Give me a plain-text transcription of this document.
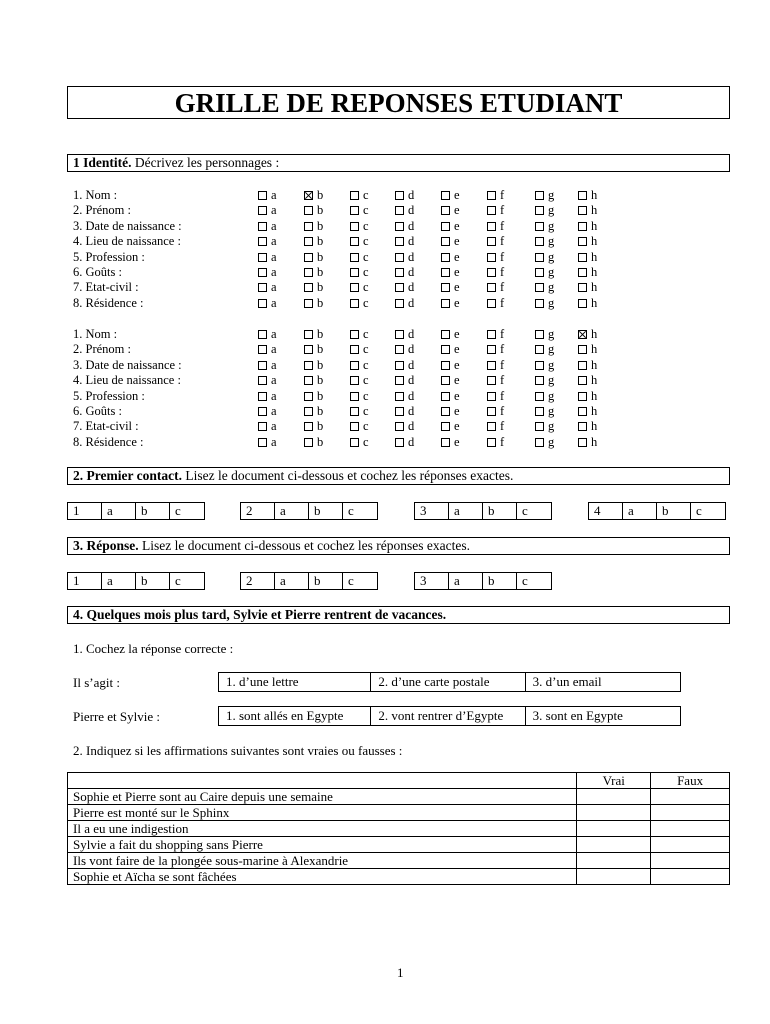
GRILLE DE REPONSES ETUDIANT
1 Identité. Décrivez les personnages :
1. Nom :	a	b	c	d	e	f	g	h
2. Prénom :	a	b	c	d	e	f	g	h
3. Date de naissance :	a	b	c	d	e	f	g	h
4. Lieu de naissance :	a	b	c	d	e	f	g	h
5. Profession :	a	b	c	d	e	f	g	h
6. Goûts :	a	b	c	d	e	f	g	h
7. Etat-civil :	a	b	c	d	e	f	g	h
8. Résidence :	a	b	c	d	e	f	g	h
1. Nom :	a	b	c	d	e	f	g	h
2. Prénom :	a	b	c	d	e	f	g	h
3. Date de naissance :	a	b	c	d	e	f	g	h
4. Lieu de naissance :	a	b	c	d	e	f	g	h
5. Profession :	a	b	c	d	e	f	g	h
6. Goûts :	a	b	c	d	e	f	g	h
7. Etat-civil :	a	b	c	d	e	f	g	h
8. Résidence :	a	b	c	d	e	f	g	h
2. Premier contact. Lisez le document ci-dessous et cochez les réponses exactes.
1	a	b	c	2	a	b	c	3	a	b	c	4	a	b	c
3. Réponse. Lisez le document ci-dessous et cochez les réponses exactes.
1	a	b	c	2	a	b	c	3	a	b	c
4. Quelques mois plus tard, Sylvie et Pierre rentrent de vacances.
1. Cochez la réponse correcte :
Il s’agit :	1. d’une lettre	2. d’une carte postale	3. d’un email
Pierre et Sylvie :	1. sont allés en Egypte	2. vont rentrer d’Egypte	3. sont en Egypte
2. Indiquez si les affirmations suivantes sont vraies ou fausses :
	Vrai	Faux
Sophie et Pierre sont au Caire depuis une semaine		
Pierre est monté sur le Sphinx		
Il a eu une indigestion		
Sylvie a fait du shopping sans Pierre		
Ils vont faire de la plongée sous-marine à Alexandrie		
Sophie et Aïcha se sont fâchées		
1
